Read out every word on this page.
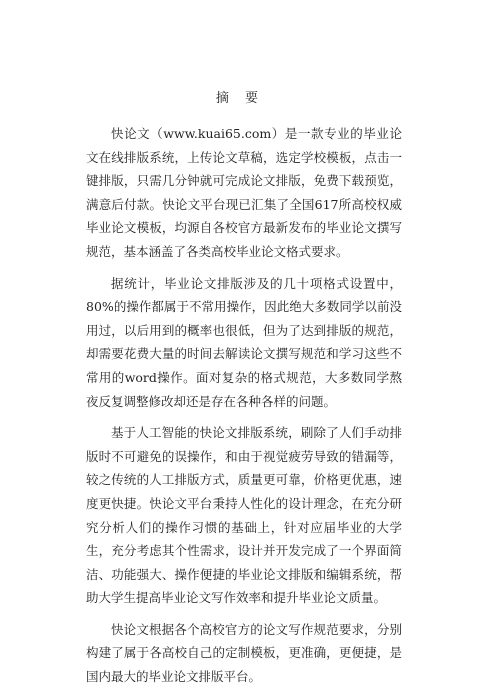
摘 要

快论文（www.kuai65.com）是一款专业的毕业论文在线排版系统，上传论文草稿，选定学校模板，点击一键排版，只需几分钟就可完成论文排版，免费下载预览，满意后付款。快论文平台现已汇集了全国617所高校权威毕业论文模板，均源自各校官方最新发布的毕业论文撰写规范，基本涵盖了各类高校毕业论文格式要求。

据统计，毕业论文排版涉及的几十项格式设置中，80%的操作都属于不常用操作，因此绝大多数同学以前没用过，以后用到的概率也很低，但为了达到排版的规范，却需要花费大量的时间去解读论文撰写规范和学习这些不常用的word操作。面对复杂的格式规范，大多数同学熬夜反复调整修改却还是存在各种各样的问题。

基于人工智能的快论文排版系统，刷除了人们手动排版时不可避免的误操作，和由于视觉疲劳导致的错漏等，较之传统的人工排版方式，质量更可靠，价格更优惠，速度更快捷。快论文平台秉持人性化的设计理念，在充分研究分析人们的操作习惯的基础上，针对应届毕业的大学生，充分考虑其个性需求，设计并开发完成了一个界面简洁、功能强大、操作便捷的毕业论文排版和编辑系统，帮助大学生提高毕业论文写作效率和提升毕业论文质量。

快论文根据各个高校官方的论文写作规范要求，分别构建了属于各高校自己的定制模板，更准确，更便捷，是国内最大的毕业论文排版平台。
